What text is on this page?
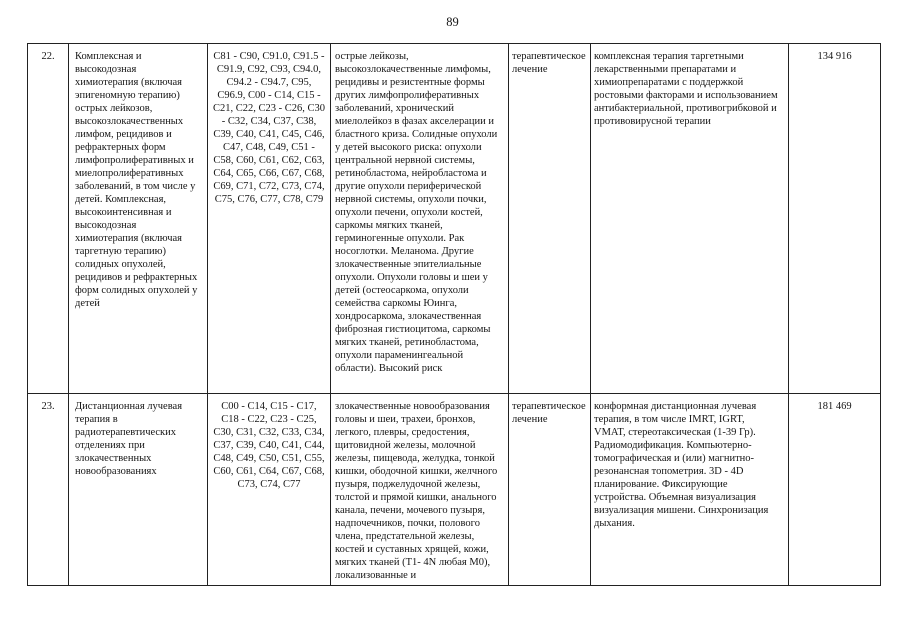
89
22.	Комплексная и
высокодозная
химиотерапия (включая
эпигеномную терапию)
острых лейкозов,
высокозлокачественных
лимфом, рецидивов и
рефрактерных форм
лимфопролиферативных и
миелопролиферативных
заболеваний, в том числе у
детей. Комплексная,
высокоинтенсивная и
высокодозная
химиотерапия (включая
таргетную терапию)
солидных опухолей,
рецидивов и рефрактерных
форм солидных опухолей у
детей
C81 - C90, C91.0, C91.5 -
C91.9, C92, C93, C94.0,
C94.2 - C94.7, C95,
C96.9, C00 - C14, C15 -
C21, C22, C23 - C26, C30
- C32, C34, C37, C38,
C39, C40, C41, C45, C46,
C47, C48, C49, C51 -
C58, C60, C61, C62, C63,
C64, C65, C66, C67, C68,
C69, C71, C72, C73, C74,
C75, C76, C77, C78, C79
острые лейкозы,
высокозлокачественные лимфомы,
рецидивы и резистентные формы
других лимфопролиферативных
заболеваний, хронический
миелолейкоз в фазах акселерации и
бластного криза. Солидные опухоли
у детей высокого риска: опухоли
центральной нервной системы,
ретинобластома, нейробластома и
другие опухоли периферической
нервной системы, опухоли почки,
опухоли печени, опухоли костей,
саркомы мягких тканей,
герминогенные опухоли. Рак
носоглотки. Меланома. Другие
злокачественные эпителиальные
опухоли. Опухоли головы и шеи у
детей (остеосаркома, опухоли
семейства саркомы Юинга,
хондросаркома, злокачественная
фиброзная гистиоцитома, саркомы
мягких тканей, ретинобластома,
опухоли параменингеальной
области). Высокий риск
терапевтическое
лечение
комплексная терапия таргетными
лекарственными препаратами и
химиопрепаратами с поддержкой
ростовыми факторами и использованием
антибактериальной, противогрибковой и
противовирусной терапии
134 916
23.	Дистанционная лучевая
терапия в
радиотерапевтических
отделениях при
злокачественных
новообразованиях
C00 - C14, C15 - C17,
C18 - C22, C23 - C25,
C30, C31, C32, C33, C34,
C37, C39, C40, C41, C44,
C48, C49, C50, C51, C55,
C60, C61, C64, C67, C68,
C73, C74, C77
злокачественные новообразования
головы и шеи, трахеи, бронхов,
легкого, плевры, средостения,
щитовидной железы, молочной
железы, пищевода, желудка, тонкой
кишки, ободочной кишки, желчного
пузыря, поджелудочной железы,
толстой и прямой кишки, анального
канала, печени, мочевого пузыря,
надпочечников, почки, полового
члена, предстательной железы,
костей и суставных хрящей, кожи,
мягких тканей (T1- 4N любая M0),
локализованные и
терапевтическое
лечение
конформная дистанционная лучевая
терапия, в том числе IMRT, IGRT,
VMAT, стереотаксическая (1-39 Гр).
Радиомодификация. Компьютерно-
томографическая и (или) магнитно-
резонансная топометрия. 3D - 4D
планирование. Фиксирующие
устройства. Объемная визуализация
визуализация мишени. Синхронизация
дыхания.
181 469
